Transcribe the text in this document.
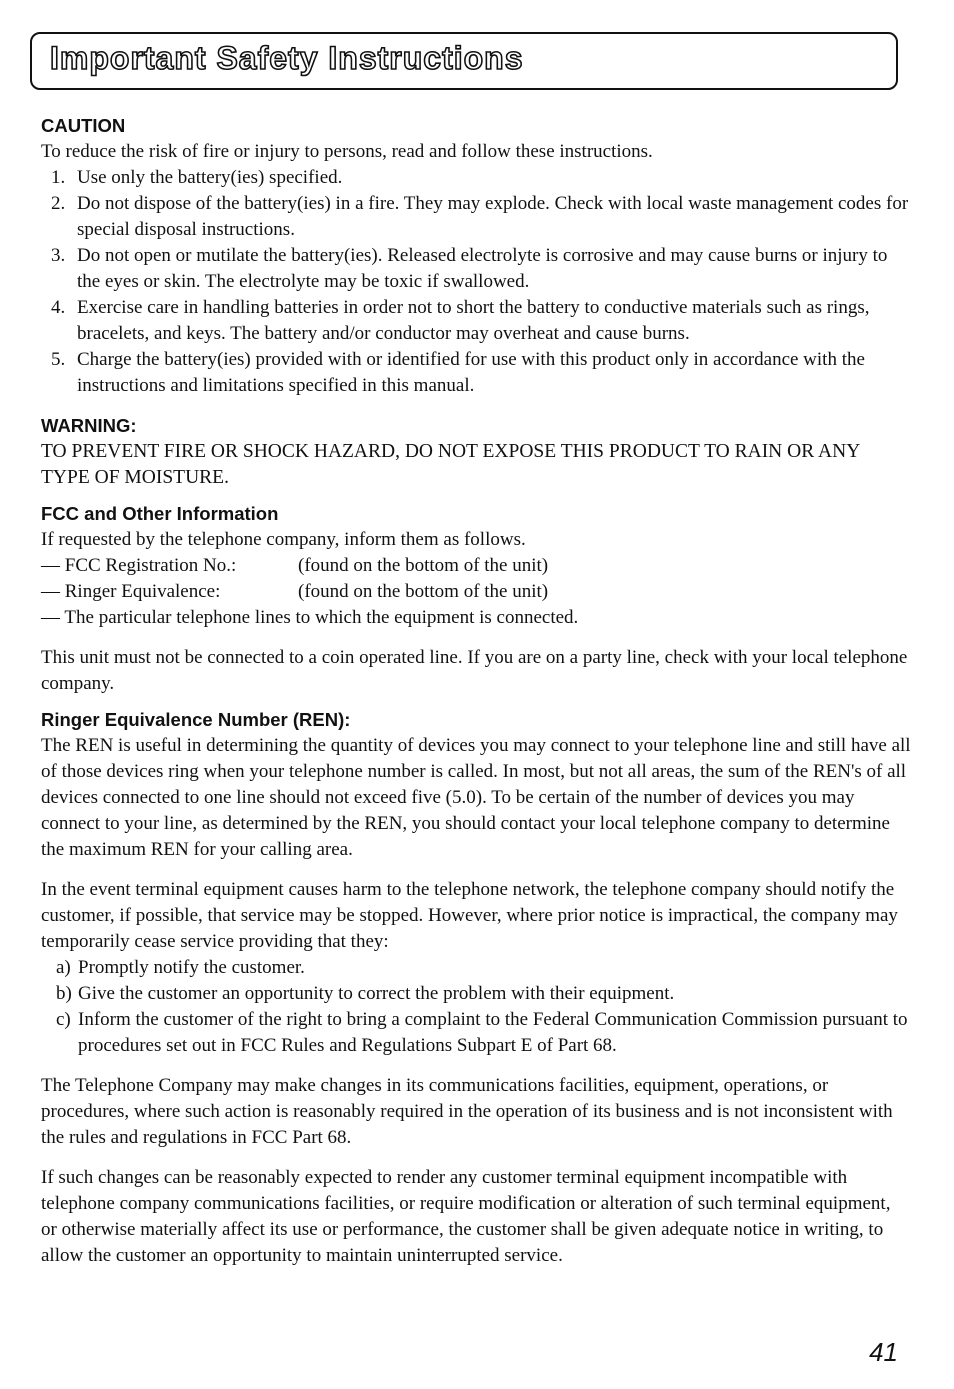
Important Safety Instructions
CAUTION

To reduce the risk of fire or injury to persons, read and follow these instructions.

1. Use only the battery(ies) specified.
2. Do not dispose of the battery(ies) in a fire. They may explode. Check with local waste management codes for special disposal instructions.
3. Do not open or mutilate the battery(ies). Released electrolyte is corrosive and may cause burns or injury to the eyes or skin. The electrolyte may be toxic if swallowed.
4. Exercise care in handling batteries in order not to short the battery to conductive materials such as rings, bracelets, and keys. The battery and/or conductor may overheat and cause burns.
5. Charge the battery(ies) provided with or identified for use with this product only in accordance with the instructions and limitations specified in this manual.
WARNING:

TO PREVENT FIRE OR SHOCK HAZARD, DO NOT EXPOSE THIS PRODUCT TO RAIN OR ANY TYPE OF MOISTURE.

FCC and Other Information

If requested by the telephone company, inform them as follows.

— FCC Registration No.:	(found on the bottom of the unit)
— Ringer Equivalence:	(found on the bottom of the unit)
— The particular telephone lines to which the equipment is connected.

This unit must not be connected to a coin operated line. If you are on a party line, check with your local telephone company.

Ringer Equivalence Number (REN):

The REN is useful in determining the quantity of devices you may connect to your telephone line and still have all of those devices ring when your telephone number is called. In most, but not all areas, the sum of the REN's of all devices connected to one line should not exceed five (5.0). To be certain of the number of devices you may connect to your line, as determined by the REN, you should contact your local telephone company to determine the maximum REN for your calling area.

In the event terminal equipment causes harm to the telephone network, the telephone company should notify the customer, if possible, that service may be stopped. However, where prior notice is impractical, the company may temporarily cease service providing that they:

a) Promptly notify the customer.
b) Give the customer an opportunity to correct the problem with their equipment.
c) Inform the customer of the right to bring a complaint to the Federal Communication Commission pursuant to procedures set out in FCC Rules and Regulations Subpart E of Part 68.

The Telephone Company may make changes in its communications facilities, equipment, operations, or procedures, where such action is reasonably required in the operation of its business and is not inconsistent with the rules and regulations in FCC Part 68.

If such changes can be reasonably expected to render any customer terminal equipment incompatible with telephone company communications facilities, or require modification or alteration of such terminal equipment, or otherwise materially affect its use or performance, the customer shall be given adequate notice in writing, to allow the customer an opportunity to maintain uninterrupted service.

41
